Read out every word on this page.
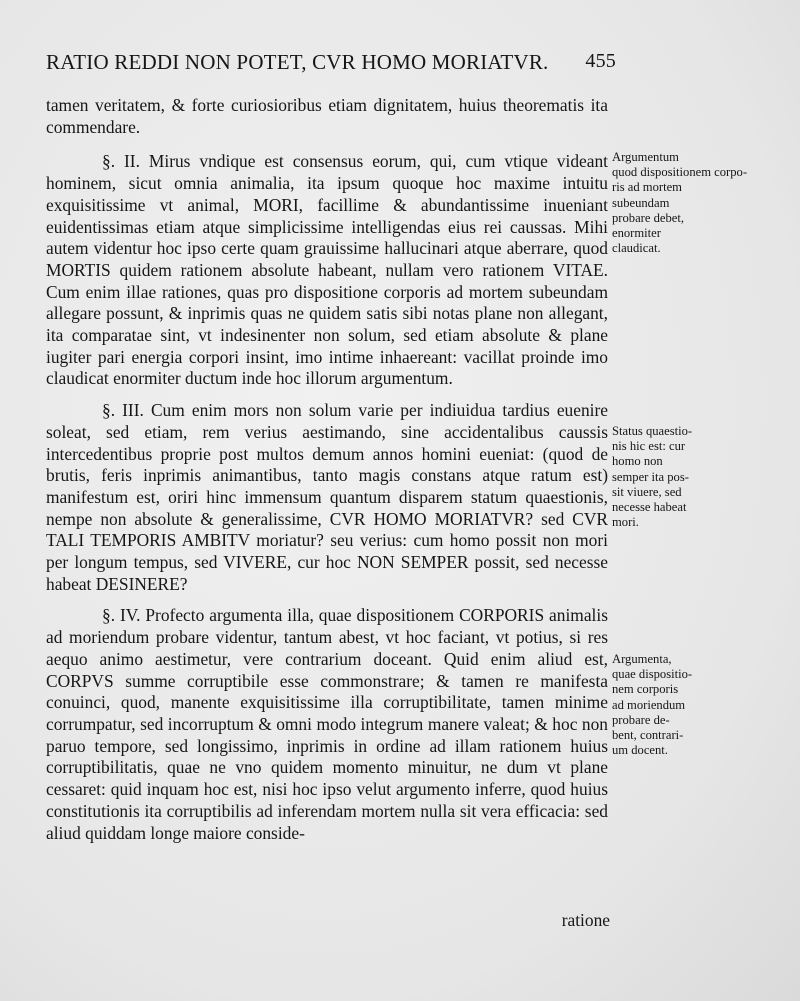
RATIO REDDI NON POTET, CVR HOMO MORIATVR. 455

tamen veritatem, & forte curiosioribus etiam dignitatem, huius theorematis ita commendare.

§. II. Mirus vndique est consensus eorum, qui, cum vtique videant hominem, sicut omnia animalia, ita ipsum quoque hoc maxime intuitu exquisitissime vt animal, MORI, facillime & abundantissime inueniant euidentissimas etiam atque simplicissime intelligendas eius rei caussas. Mihi autem videntur hoc ipso certe quam grauissime hallucinari atque aberrare, quod MORTIS quidem rationem absolute habeant, nullam vero rationem VITAE. Cum enim illae rationes, quas pro dispositione corporis ad mortem subeundam allegare possunt, & inprimis quas ne quidem satis sibi notas plane non allegant, ita comparatae sint, vt indesinenter non solum, sed etiam absolute & plane iugiter pari energia corpori insint, imo intime inhaereant: vacillat proinde imo claudicat enormiter ductum inde hoc illorum argumentum.

§. III. Cum enim mors non solum varie per indiuidua tardius euenire soleat, sed etiam, rem verius aestimando, sine accidentalibus caussis intercedentibus proprie post multos demum annos homini eueniat: (quod de brutis, feris inprimis animantibus, tanto magis constans atque ratum est) manifestum est, oriri hinc immensum quantum disparem statum quaestionis, nempe non absolute & generalissime, CVR HOMO MORIATVR? sed CVR TALI TEMPORIS AMBITV moriatur? seu verius: cum homo possit non mori per longum tempus, sed VIVERE, cur hoc NON SEMPER possit, sed necesse habeat DESINERE?

§. IV. Profecto argumenta illa, quae dispositionem CORPORIS animalis ad moriendum probare videntur, tantum abest, vt hoc faciant, vt potius, si res aequo animo aestimetur, vere contrarium doceant. Quid enim aliud est, CORPVS summe corruptibile esse commonstrare; & tamen re manifesta conuinci, quod, manente exquisitissime illa corruptibilitate, tamen minime corrumpatur, sed incorruptum & omni modo integrum manere valeat; & hoc non paruo tempore, sed longissimo, inprimis in ordine ad illam rationem huius corruptibilitatis, quae ne vno quidem momento minuitur, ne dum vt plane cessaret: quid inquam hoc est, nisi hoc ipso velut argumento inferre, quod huius constitutionis ita corruptibilis ad inferendam mortem nulla sit vera efficacia: sed aliud quiddam longe maiore conside-

ratione
Argumentum
quod dispositionem corpo-
ris ad mortem
subeundam
probare debet,
enormiter
claudicat.
Status quaestio-
nis hic est: cur
homo non
semper ita pos-
sit viuere, sed
necesse habeat
mori.
Argumenta,
quae dispositio-
nem corporis
ad moriendum
probare de-
bent, contrari-
um docent.
